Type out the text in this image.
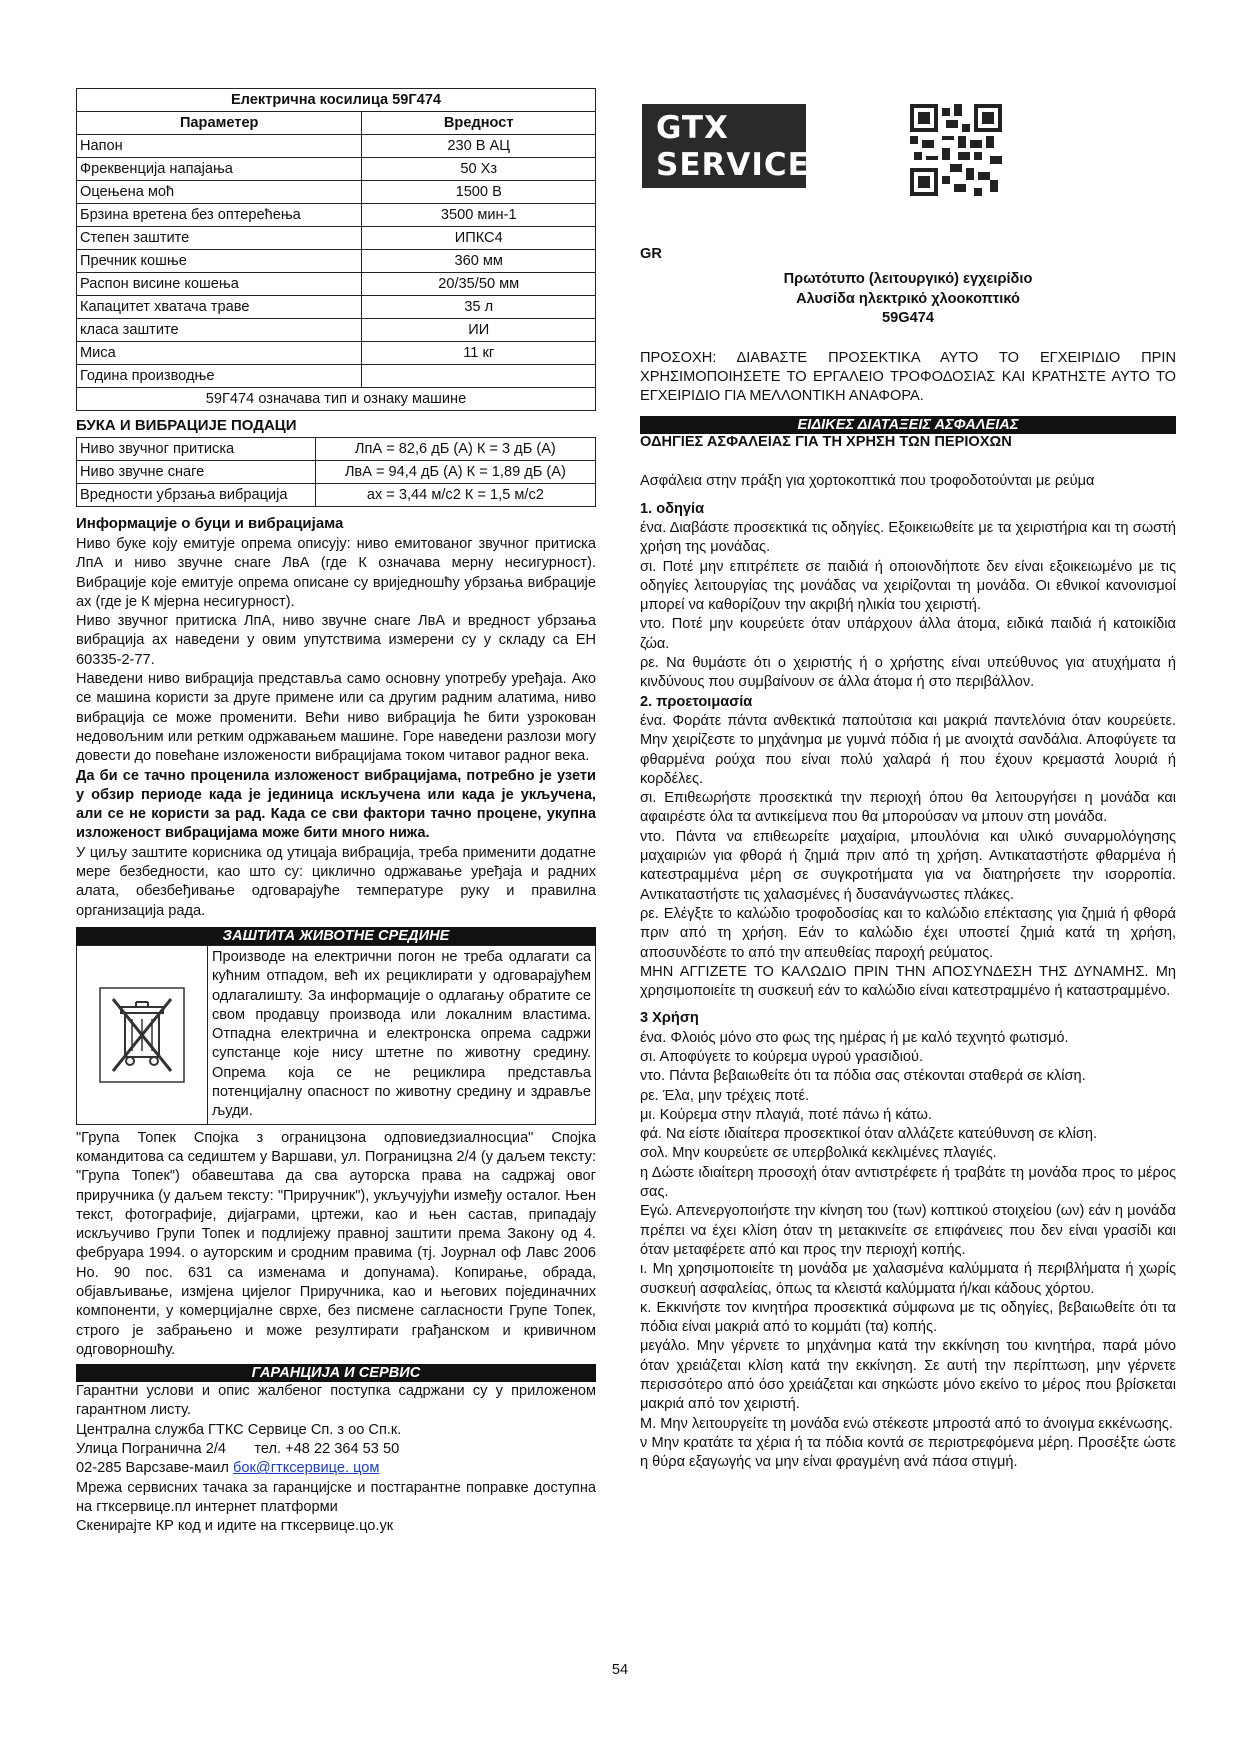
Електрична косилица 59Г474	
Параметер	Вредност
Напон	230 В АЦ
Фреквенција напајања	50 Хз
Оцењена моћ	1500 В
Брзина вретена без оптерећења	3500 мин-1
Степен заштите	ИПКС4
Пречник кошње	360 мм
Распон висине кошења	20/35/50 мм
Капацитет хватача траве	35 л
класа заштите	ИИ
Миса	11 кг
Година производње	
59Г474 означава тип и ознаку машине	
БУКА И ВИБРАЦИЈЕ ПОДАЦИ
Ниво звучног притиска	ЛпА = 82,6 дБ (А) К = 3 дБ (А)
Ниво звучне снаге	ЛвА = 94,4 дБ (А) К = 1,89 дБ (А)
Вредности убрзања вибрација	ах = 3,44 м/с2 К = 1,5 м/с2
Информације о буци и вибрацијама

Ниво буке коју емитује опрема описују: ниво емитованог звучног притиска ЛпА и ниво звучне снаге ЛвА (где К означава мерну несигурност). Вибрације које емитује опрема описане су вриједношћу убрзања вибрације ах (где је К мјерна несигурност).

Ниво звучног притиска ЛпА, ниво звучне снаге ЛвА и вредност убрзања вибрација ах наведени у овим упутствима измерени су у складу са ЕН 60335-2-77.

Наведени ниво вибрација представља само основну употребу уређаја. Ако се машина користи за друге примене или са другим радним алатима, ниво вибрација се може променити. Већи ниво вибрација ће бити узрокован недовољним или ретким одржавањем машине. Горе наведени разлози могу довести до повећане изложености вибрацијама током читавог радног века.

Да би се тачно проценила изложеност вибрацијама, потребно је узети у обзир периоде када је јединица искључена или када је укључена, али се не користи за рад. Када се сви фактори тачно процене, укупна изложеност вибрацијама може бити много нижа.

У циљу заштите корисника од утицаја вибрација, треба применити додатне мере безбедности, као што су: циклично одржавање уређаја и радних алата, обезбеђивање одговарајуће температуре руку и правилна организација рада.

ЗАШТИТА ЖИВОТНЕ СРЕДИНЕ
Производе на електрични погон не треба одлагати са кућним отпадом, већ их рециклирати у одговарајућем одлагалишту. За информације о одлагању обратите се свом продавцу производа или локалним властима. Отпадна електрична и електронска опрема садржи супстанце које нису штетне по животну средину. Опрема која се не рециклира представља потенцијалну опасност по животну средину и здравље људи.

"Група Топек Спојка з ограницзона одповиедзиалносциа" Спојка командитова са седиштем у Варшави, ул. Пограницзна 2/4 (у даљем тексту: "Група Топек") обавештава да сва ауторска права на садржај овог приручника (у даљем тексту: "Приручник"), укључујући између осталог. Њен текст, фотографије, дијаграми, цртежи, као и њен састав, припадају искључиво Групи Топек и подлијежу правној заштити према Закону од 4. фебруара 1994. о ауторским и сродним правима (тј. Јоурнал оф Лавс 2006 Но. 90 пос. 631 са изменама и допунама). Копирање, обрада, објављивање, измјена цијелог Приручника, као и његових појединачних компоненти, у комерцијалне сврхе, без писмене сагласности Групе Топек, строго је забрањено и може резултирати грађанском и кривичном одговорношћу.

ГАРАНЦИЈА И СЕРВИС

Гарантни услови и опис жалбеног поступка садржани су у приложеном гарантном листу.

Централна служба ГТКС Сервице Сп. з оо Сп.к.

Улица Погранична 2/4 тел. +48 22 364 53 50

02-285 Варсзаве-маил бок@гтксервице. цом

Мрежа сервисних тачака за гаранцијске и постгарантне поправке доступна на гтксервице.пл интернет платформи

Скенирајте КР код и идите на гтксервице.цо.ук

GTX
SERVICE
GR

Πρωτότυπο (λειτουργικό) εγχειρίδιο

Αλυσίδα ηλεκτρικό χλοοκοπτικό

59G474

ΠΡΟΣΟΧΗ: ΔΙΑΒΑΣΤΕ ΠΡΟΣΕΚΤΙΚΑ ΑΥΤΟ ΤΟ ΕΓΧΕΙΡΙΔΙΟ ΠΡΙΝ ΧΡΗΣΙΜΟΠΟΙΗΣΕΤΕ ΤΟ ΕΡΓΑΛΕΙΟ ΤΡΟΦΟΔΟΣΙΑΣ ΚΑΙ ΚΡΑΤΗΣΤΕ ΑΥΤΟ ΤΟ ΕΓΧΕΙΡΙΔΙΟ ΓΙΑ ΜΕΛΛΟΝΤΙΚΗ ΑΝΑΦΟΡΑ.

ΕΙΔΙΚΕΣ ΔΙΑΤΑΞΕΙΣ ΑΣΦΑΛΕΙΑΣ
ΟΔΗΓΙΕΣ ΑΣΦΑΛΕΙΑΣ ΓΙΑ ΤΗ ΧΡΗΣΗ ΤΩΝ ΠΕΡΙΟΧΩΝ

Ασφάλεια στην πράξη για χορτοκοπτικά που τροφοδοτούνται με ρεύμα

1. οδηγία

ένα. Διαβάστε προσεκτικά τις οδηγίες. Εξοικειωθείτε με τα χειριστήρια και τη σωστή χρήση της μονάδας.

σι. Ποτέ μην επιτρέπετε σε παιδιά ή οποιονδήποτε δεν είναι εξοικειωμένο με τις οδηγίες λειτουργίας της μονάδας να χειρίζονται τη μονάδα. Οι εθνικοί κανονισμοί μπορεί να καθορίζουν την ακριβή ηλικία του χειριστή.

ντο. Ποτέ μην κουρεύετε όταν υπάρχουν άλλα άτομα, ειδικά παιδιά ή κατοικίδια ζώα.

ρε. Να θυμάστε ότι ο χειριστής ή ο χρήστης είναι υπεύθυνος για ατυχήματα ή κινδύνους που συμβαίνουν σε άλλα άτομα ή στο περιβάλλον.

2. προετοιμασία

ένα. Φοράτε πάντα ανθεκτικά παπούτσια και μακριά παντελόνια όταν κουρεύετε. Μην χειρίζεστε το μηχάνημα με γυμνά πόδια ή με ανοιχτά σανδάλια. Αποφύγετε τα φθαρμένα ρούχα που είναι πολύ χαλαρά ή που έχουν κρεμαστά λουριά ή κορδέλες.

σι. Επιθεωρήστε προσεκτικά την περιοχή όπου θα λειτουργήσει η μονάδα και αφαιρέστε όλα τα αντικείμενα που θα μπορούσαν να μπουν στη μονάδα.

ντο. Πάντα να επιθεωρείτε μαχαίρια, μπουλόνια και υλικό συναρμολόγησης μαχαιριών για φθορά ή ζημιά πριν από τη χρήση. Αντικαταστήστε φθαρμένα ή κατεστραμμένα μέρη σε συγκροτήματα για να διατηρήσετε την ισορροπία. Αντικαταστήστε τις χαλασμένες ή δυσανάγνωστες πλάκες.

ρε. Ελέγξτε το καλώδιο τροφοδοσίας και το καλώδιο επέκτασης για ζημιά ή φθορά πριν από τη χρήση. Εάν το καλώδιο έχει υποστεί ζημιά κατά τη χρήση, αποσυνδέστε το από την απευθείας παροχή ρεύματος.

ΜΗΝ ΑΓΓΙΖΕΤΕ ΤΟ ΚΑΛΩΔΙΟ ΠΡΙΝ ΤΗΝ ΑΠΟΣΥΝΔΕΣΗ ΤΗΣ ΔΥΝΑΜΗΣ. Μη χρησιμοποιείτε τη συσκευή εάν το καλώδιο είναι κατεστραμμένο ή καταστραμμένο.

3 Χρήση

ένα. Φλοιός μόνο στο φως της ημέρας ή με καλό τεχνητό φωτισμό.

σι. Αποφύγετε το κούρεμα υγρού γρασιδιού.

ντο. Πάντα βεβαιωθείτε ότι τα πόδια σας στέκονται σταθερά σε κλίση.

ρε. Έλα, μην τρέχεις ποτέ.

μι. Κούρεμα στην πλαγιά, ποτέ πάνω ή κάτω.

φά. Να είστε ιδιαίτερα προσεκτικοί όταν αλλάζετε κατεύθυνση σε κλίση.

σολ. Μην κουρεύετε σε υπερβολικά κεκλιμένες πλαγιές.

η Δώστε ιδιαίτερη προσοχή όταν αντιστρέφετε ή τραβάτε τη μονάδα προς το μέρος σας.

Εγώ. Απενεργοποιήστε την κίνηση του (των) κοπτικού στοιχείου (ων) εάν η μονάδα πρέπει να έχει κλίση όταν τη μετακινείτε σε επιφάνειες που δεν είναι γρασίδι και όταν μεταφέρετε από και προς την περιοχή κοπής.

ι. Μη χρησιμοποιείτε τη μονάδα με χαλασμένα καλύμματα ή περιβλήματα ή χωρίς συσκευή ασφαλείας, όπως τα κλειστά καλύμματα ή/και κάδους χόρτου.

κ. Εκκινήστε τον κινητήρα προσεκτικά σύμφωνα με τις οδηγίες, βεβαιωθείτε ότι τα πόδια είναι μακριά από το κομμάτι (τα) κοπής.

μεγάλο. Μην γέρνετε το μηχάνημα κατά την εκκίνηση του κινητήρα, παρά μόνο όταν χρειάζεται κλίση κατά την εκκίνηση. Σε αυτή την περίπτωση, μην γέρνετε περισσότερο από όσο χρειάζεται και σηκώστε μόνο εκείνο το μέρος που βρίσκεται μακριά από τον χειριστή.

Μ. Μην λειτουργείτε τη μονάδα ενώ στέκεστε μπροστά από το άνοιγμα εκκένωσης.

ν Μην κρατάτε τα χέρια ή τα πόδια κοντά σε περιστρεφόμενα μέρη. Προσέξτε ώστε η θύρα εξαγωγής να μην είναι φραγμένη ανά πάσα στιγμή.

54
